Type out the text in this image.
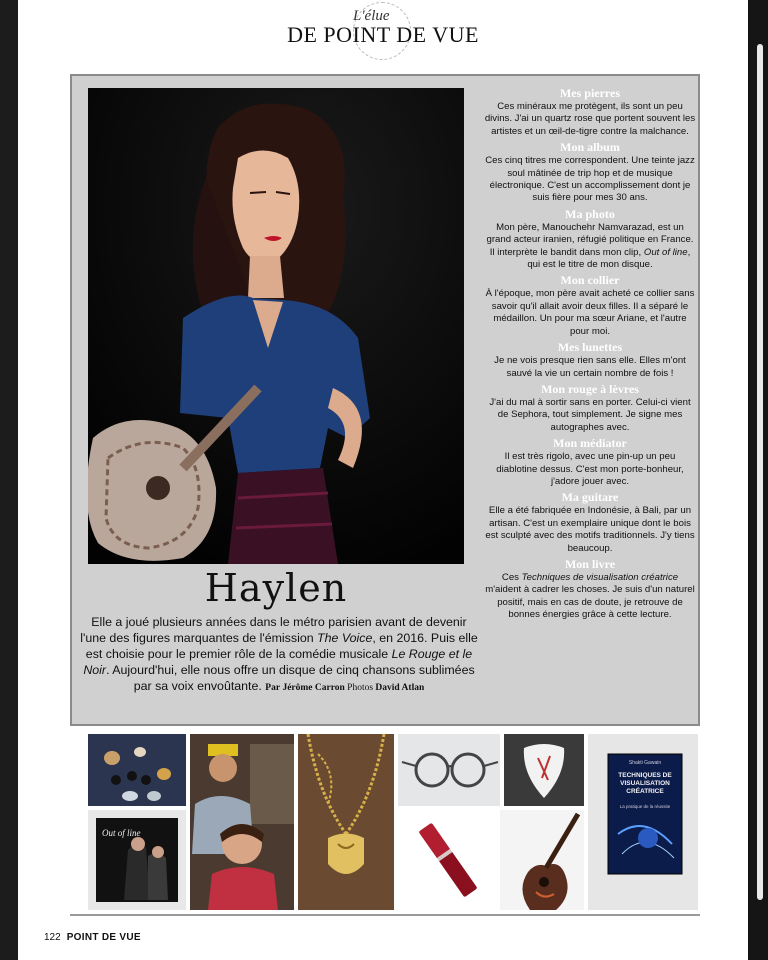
L'élue
DE POINT DE VUE
Haylen
Elle a joué plusieurs années dans le métro parisien avant de devenir l'une des figures marquantes de l'émission The Voice, en 2016. Puis elle est choisie pour le premier rôle de la comédie musicale Le Rouge et le Noir. Aujourd'hui, elle nous offre un disque de cinq chansons sublimées par sa voix envoûtante. Par Jérôme Carron Photos David Atlan

Mes pierres

Ces minéraux me protègent, ils sont un peu divins. J'ai un quartz rose que portent souvent les artistes et un œil-de-tigre contre la malchance.

Mon album

Ces cinq titres me correspondent. Une teinte jazz soul mâtinée de trip hop et de musique électronique. C'est un accomplissement dont je suis fière pour mes 30 ans.

Ma photo

Mon père, Manouchehr Namvarazad, est un grand acteur iranien, réfugié politique en France. Il interprète le bandit dans mon clip, Out of line, qui est le titre de mon disque.

Mon collier

À l'époque, mon père avait acheté ce collier sans savoir qu'il allait avoir deux filles. Il a séparé le médaillon. Un pour ma sœur Ariane, et l'autre pour moi.

Mes lunettes

Je ne vois presque rien sans elle. Elles m'ont sauvé la vie un certain nombre de fois !

Mon rouge à lèvres

J'ai du mal à sortir sans en porter. Celui-ci vient de Sephora, tout simplement. Je signe mes autographes avec.

Mon médiator

Il est très rigolo, avec une pin-up un peu diablotine dessus. C'est mon porte-bonheur, j'adore jouer avec.

Ma guitare

Elle a été fabriquée en Indonésie, à Bali, par un artisan. C'est un exemplaire unique dont le bois est sculpté avec des motifs traditionnels. J'y tiens beaucoup.

Mon livre

Ces Techniques de visualisation créatrice m'aident à cadrer les choses. Je suis d'un naturel positif, mais en cas de doute, je retrouve de bonnes énergies grâce à cette lecture.

Out of line
Shakti Gawain
TECHNIQUES DE VISUALISATION CRÉATRICE
La pratique de la réussite
122 POINT DE VUE
